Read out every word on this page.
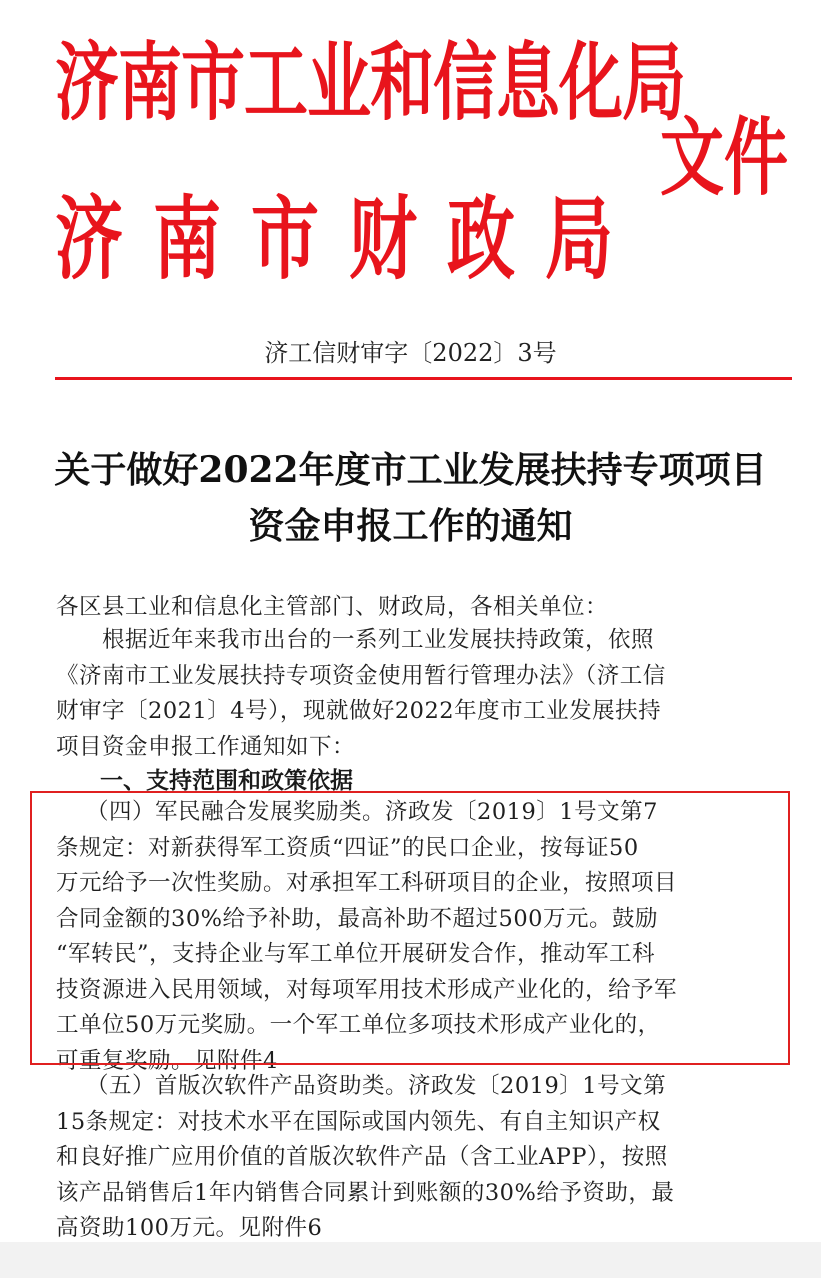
济南市工业和信息化局
济南市财政局
文件
济工信财审字〔2022〕3号
关于做好2022年度市工业发展扶持专项项目
资金申报工作的通知
各区县工业和信息化主管部门、财政局，各相关单位：
根据近年来我市出台的一系列工业发展扶持政策，依照
《济南市工业发展扶持专项资金使用暂行管理办法》（济工信
财审字〔2021〕4号），现就做好2022年度市工业发展扶持
项目资金申报工作通知如下：
一、支持范围和政策依据
（四）军民融合发展奖励类。济政发〔2019〕1号文第7
条规定：对新获得军工资质“四证”的民口企业，按每证50
万元给予一次性奖励。对承担军工科研项目的企业，按照项目
合同金额的30%给予补助，最高补助不超过500万元。鼓励
“军转民”，支持企业与军工单位开展研发合作，推动军工科
技资源进入民用领域，对每项军用技术形成产业化的，给予军
工单位50万元奖励。一个军工单位多项技术形成产业化的，
可重复奖励。见附件4
（五）首版次软件产品资助类。济政发〔2019〕1号文第
15条规定：对技术水平在国际或国内领先、有自主知识产权
和良好推广应用价值的首版次软件产品（含工业APP），按照
该产品销售后1年内销售合同累计到账额的30%给予资助，最
高资助100万元。见附件6
